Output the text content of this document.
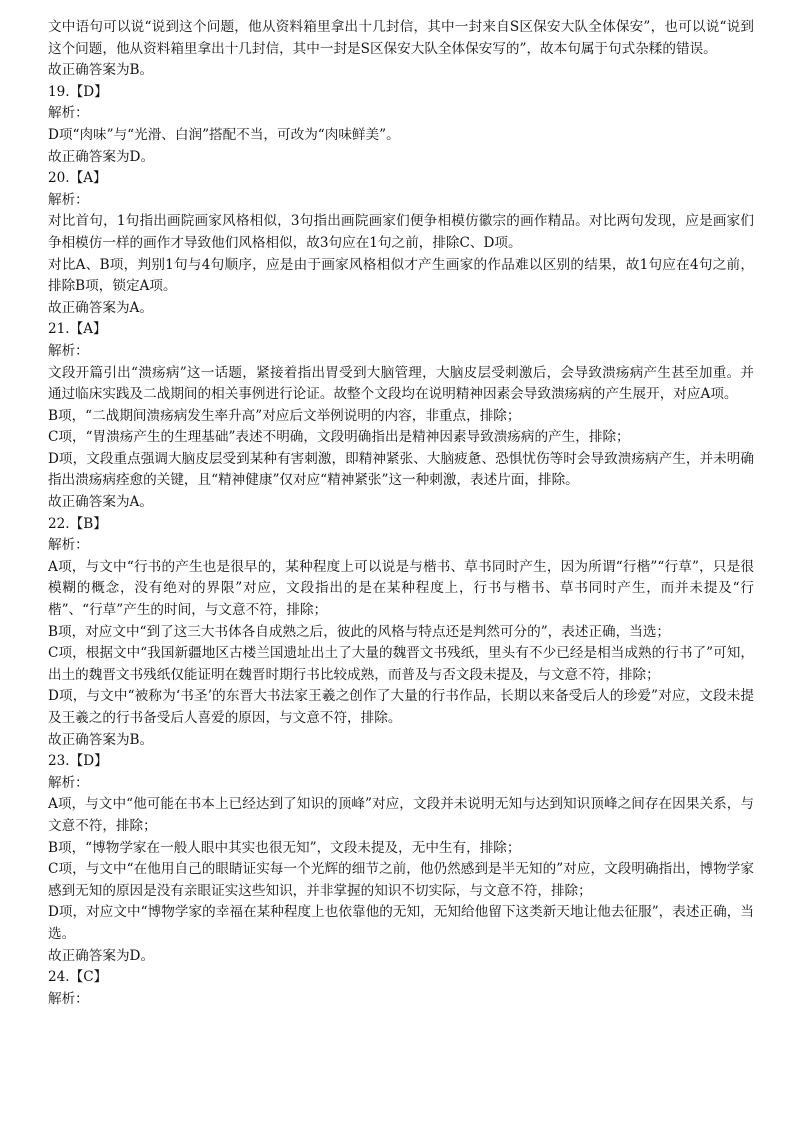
文中语句可以说“说到这个问题，他从资料箱里拿出十几封信，其中一封来自S区保安大队全体保安”，也可以说“说到这个问题，他从资料箱里拿出十几封信，其中一封是S区保安大队全体保安写的”，故本句属于句式杂糅的错误。

故正确答案为B。

19.【D】

解析：

D项“肉味”与“光滑、白润”搭配不当，可改为“肉味鲜美”。

故正确答案为D。

20.【A】

解析：

对比首句，1句指出画院画家风格相似，3句指出画院画家们便争相模仿徽宗的画作精品。对比两句发现，应是画家们争相模仿一样的画作才导致他们风格相似，故3句应在1句之前，排除C、D项。

对比A、B项，判别1句与4句顺序，应是由于画家风格相似才产生画家的作品难以区别的结果，故1句应在4句之前，排除B项，锁定A项。

故正确答案为A。

21.【A】

解析：

文段开篇引出“溃疡病”这一话题，紧接着指出胃受到大脑管理，大脑皮层受刺激后，会导致溃疡病产生甚至加重。并通过临床实践及二战期间的相关事例进行论证。故整个文段均在说明精神因素会导致溃疡病的产生展开，对应A项。

B项，“二战期间溃疡病发生率升高”对应后文举例说明的内容，非重点，排除；

C项，“胃溃疡产生的生理基础”表述不明确，文段明确指出是精神因素导致溃疡病的产生，排除；

D项，文段重点强调大脑皮层受到某种有害刺激，即精神紧张、大脑疲惫、恐惧忧伤等时会导致溃疡病产生，并未明确指出溃疡病痊愈的关键，且“精神健康”仅对应“精神紧张”这一种刺激，表述片面，排除。

故正确答案为A。

22.【B】

解析：

A项，与文中“行书的产生也是很早的，某种程度上可以说是与楷书、草书同时产生，因为所谓“行楷”“行草”，只是很模糊的概念，没有绝对的界限”对应，文段指出的是在某种程度上，行书与楷书、草书同时产生，而并未提及“行楷”、“行草”产生的时间，与文意不符，排除；

B项，对应文中“到了这三大书体各自成熟之后，彼此的风格与特点还是判然可分的”，表述正确，当选；

C项，根据文中“我国新疆地区古楼兰国遗址出土了大量的魏晋文书残纸，里头有不少已经是相当成熟的行书了”可知，出土的魏晋文书残纸仅能证明在魏晋时期行书比较成熟，而普及与否文段未提及，与文意不符，排除；

D项，与文中“被称为‘书圣’的东晋大书法家王羲之创作了大量的行书作品，长期以来备受后人的珍爱”对应，文段未提及王羲之的行书备受后人喜爱的原因，与文意不符，排除。

故正确答案为B。

23.【D】

解析：

A项，与文中“他可能在书本上已经达到了知识的顶峰”对应，文段并未说明无知与达到知识顶峰之间存在因果关系，与文意不符，排除；

B项，“博物学家在一般人眼中其实也很无知”，文段未提及，无中生有，排除；

C项，与文中“在他用自己的眼睛证实每一个光辉的细节之前，他仍然感到是半无知的”对应，文段明确指出，博物学家感到无知的原因是没有亲眼证实这些知识，并非掌握的知识不切实际，与文意不符，排除；

D项，对应文中“博物学家的幸福在某种程度上也依靠他的无知，无知给他留下这类新天地让他去征服”，表述正确，当选。

故正确答案为D。

24.【C】

解析：
